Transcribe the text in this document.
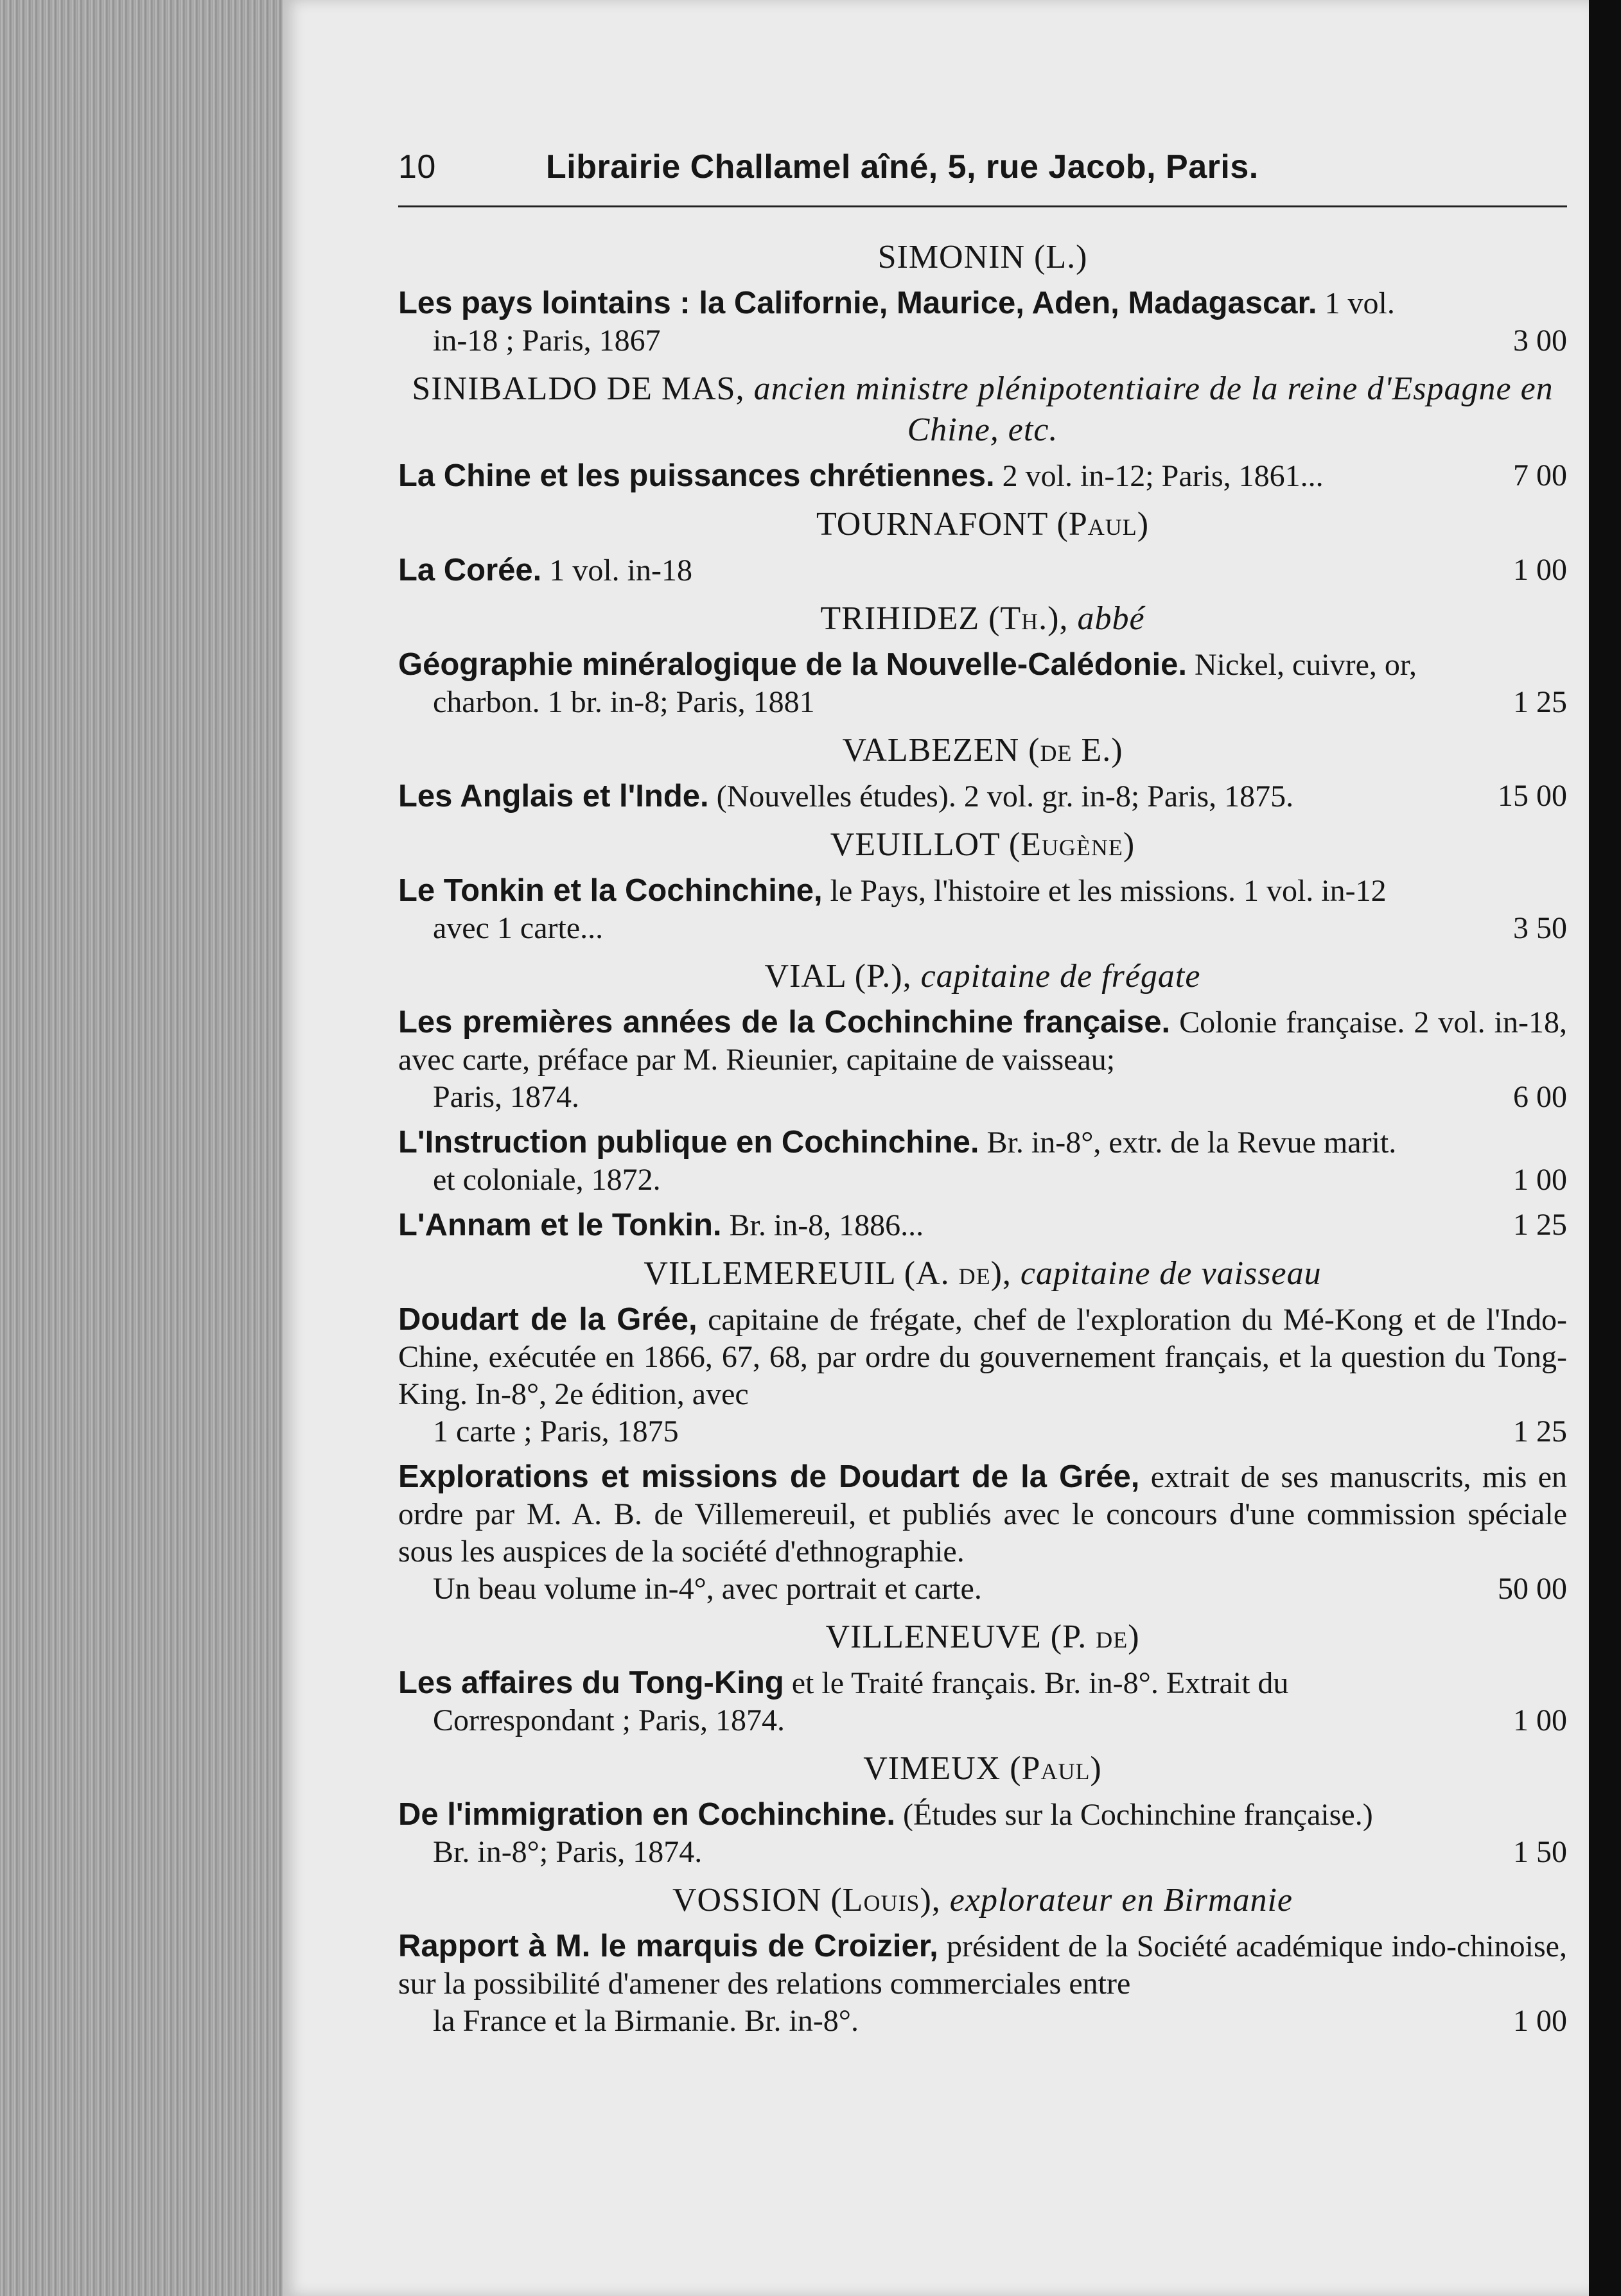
10	Librairie Challamel aîné, 5, rue Jacob, Paris.
SIMONIN (L.)
Les pays lointains : la Californie, Maurice, Aden, Madagascar. 1 vol.
3 00
in-18 ; Paris, 1867
SINIBALDO DE MAS, ancien ministre plénipotentiaire de la reine d'Espagne en Chine, etc.
7 00
La Chine et les puissances chrétiennes. 2 vol. in-12; Paris, 1861...
TOURNAFONT (Paul)
1 00
La Corée. 1 vol. in-18
TRIHIDEZ (Th.), abbé
Géographie minéralogique de la Nouvelle-Calédonie. Nickel, cuivre, or,
1 25
charbon. 1 br. in-8; Paris, 1881
VALBEZEN (de E.)
15 00
Les Anglais et l'Inde. (Nouvelles études). 2 vol. gr. in-8; Paris, 1875.
VEUILLOT (Eugène)
Le Tonkin et la Cochinchine, le Pays, l'histoire et les missions. 1 vol. in-12
3 50
avec 1 carte...
VIAL (P.), capitaine de frégate
Les premières années de la Cochinchine française. Colonie française. 2 vol. in-18, avec carte, préface par M. Rieunier, capitaine de vaisseau;
6 00
Paris, 1874.
L'Instruction publique en Cochinchine. Br. in-8°, extr. de la Revue marit.
1 00
et coloniale, 1872.
1 25
L'Annam et le Tonkin. Br. in-8, 1886...
VILLEMEREUIL (A. de), capitaine de vaisseau
Doudart de la Grée, capitaine de frégate, chef de l'exploration du Mé-Kong et de l'Indo-Chine, exécutée en 1866, 67, 68, par ordre du gouvernement français, et la question du Tong-King. In-8°, 2e édition, avec
1 25
1 carte ; Paris, 1875
Explorations et missions de Doudart de la Grée, extrait de ses manuscrits, mis en ordre par M. A. B. de Villemereuil, et publiés avec le concours d'une commission spéciale sous les auspices de la société d'ethnographie.
50 00
Un beau volume in-4°, avec portrait et carte.
VILLENEUVE (P. de)
Les affaires du Tong-King et le Traité français. Br. in-8°. Extrait du
1 00
Correspondant ; Paris, 1874.
VIMEUX (Paul)
De l'immigration en Cochinchine. (Études sur la Cochinchine française.)
1 50
Br. in-8°; Paris, 1874.
VOSSION (Louis), explorateur en Birmanie
Rapport à M. le marquis de Croizier, président de la Société académique indo-chinoise, sur la possibilité d'amener des relations commerciales entre
1 00
la France et la Birmanie. Br. in-8°.
